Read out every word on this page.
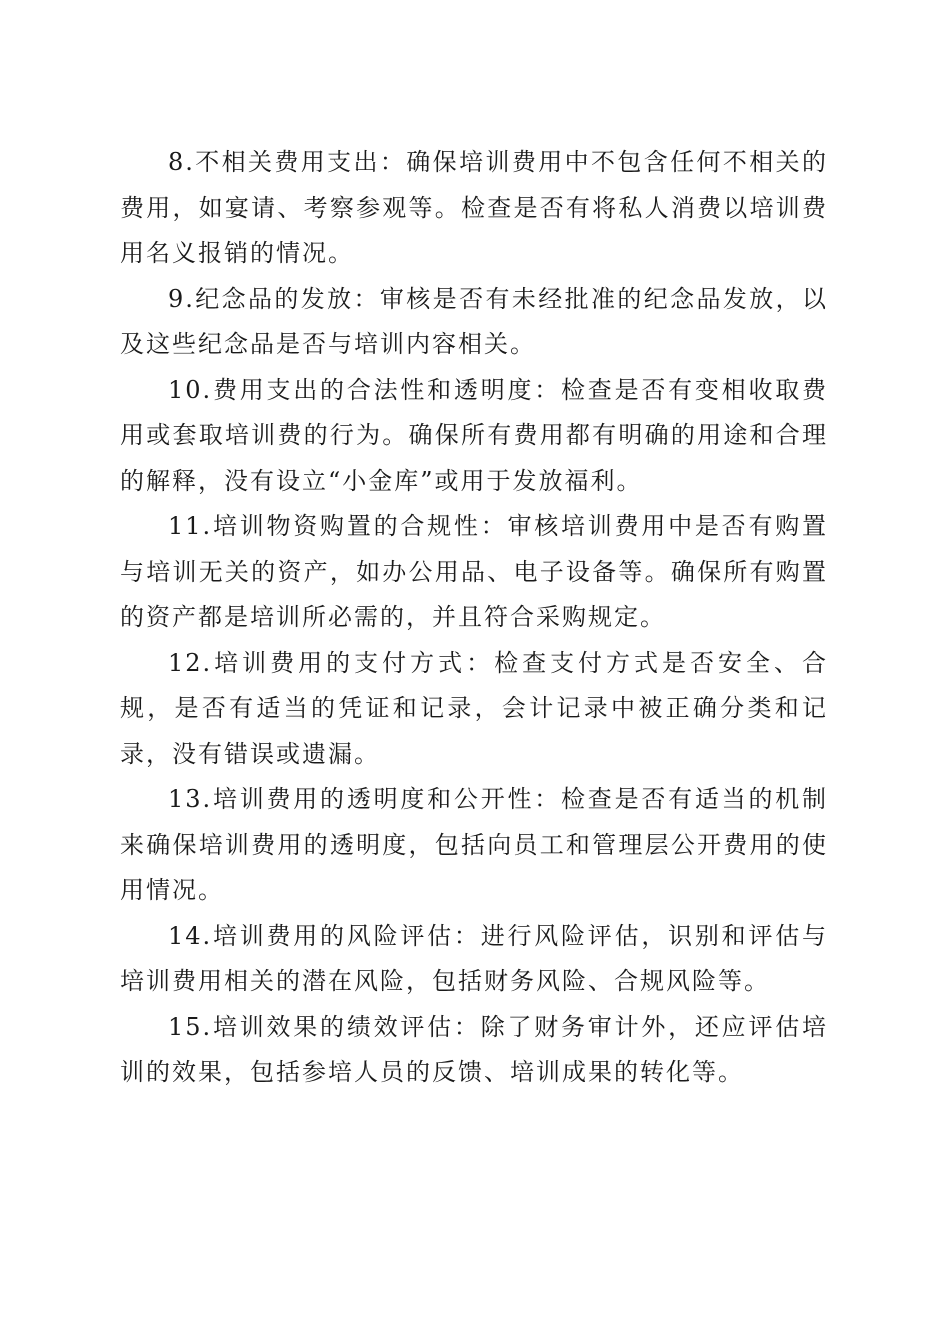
8.不相关费用支出：确保培训费用中不包含任何不相关的费用，如宴请、考察参观等。检查是否有将私人消费以培训费用名义报销的情况。

9.纪念品的发放：审核是否有未经批准的纪念品发放，以及这些纪念品是否与培训内容相关。

10.费用支出的合法性和透明度：检查是否有变相收取费用或套取培训费的行为。确保所有费用都有明确的用途和合理的解释，没有设立“小金库”或用于发放福利。

11.培训物资购置的合规性：审核培训费用中是否有购置与培训无关的资产，如办公用品、电子设备等。确保所有购置的资产都是培训所必需的，并且符合采购规定。

12.培训费用的支付方式：检查支付方式是否安全、合规，是否有适当的凭证和记录，会计记录中被正确分类和记录，没有错误或遗漏。

13.培训费用的透明度和公开性：检查是否有适当的机制来确保培训费用的透明度，包括向员工和管理层公开费用的使用情况。

14.培训费用的风险评估：进行风险评估，识别和评估与培训费用相关的潜在风险，包括财务风险、合规风险等。

15.培训效果的绩效评估：除了财务审计外，还应评估培训的效果，包括参培人员的反馈、培训成果的转化等。
